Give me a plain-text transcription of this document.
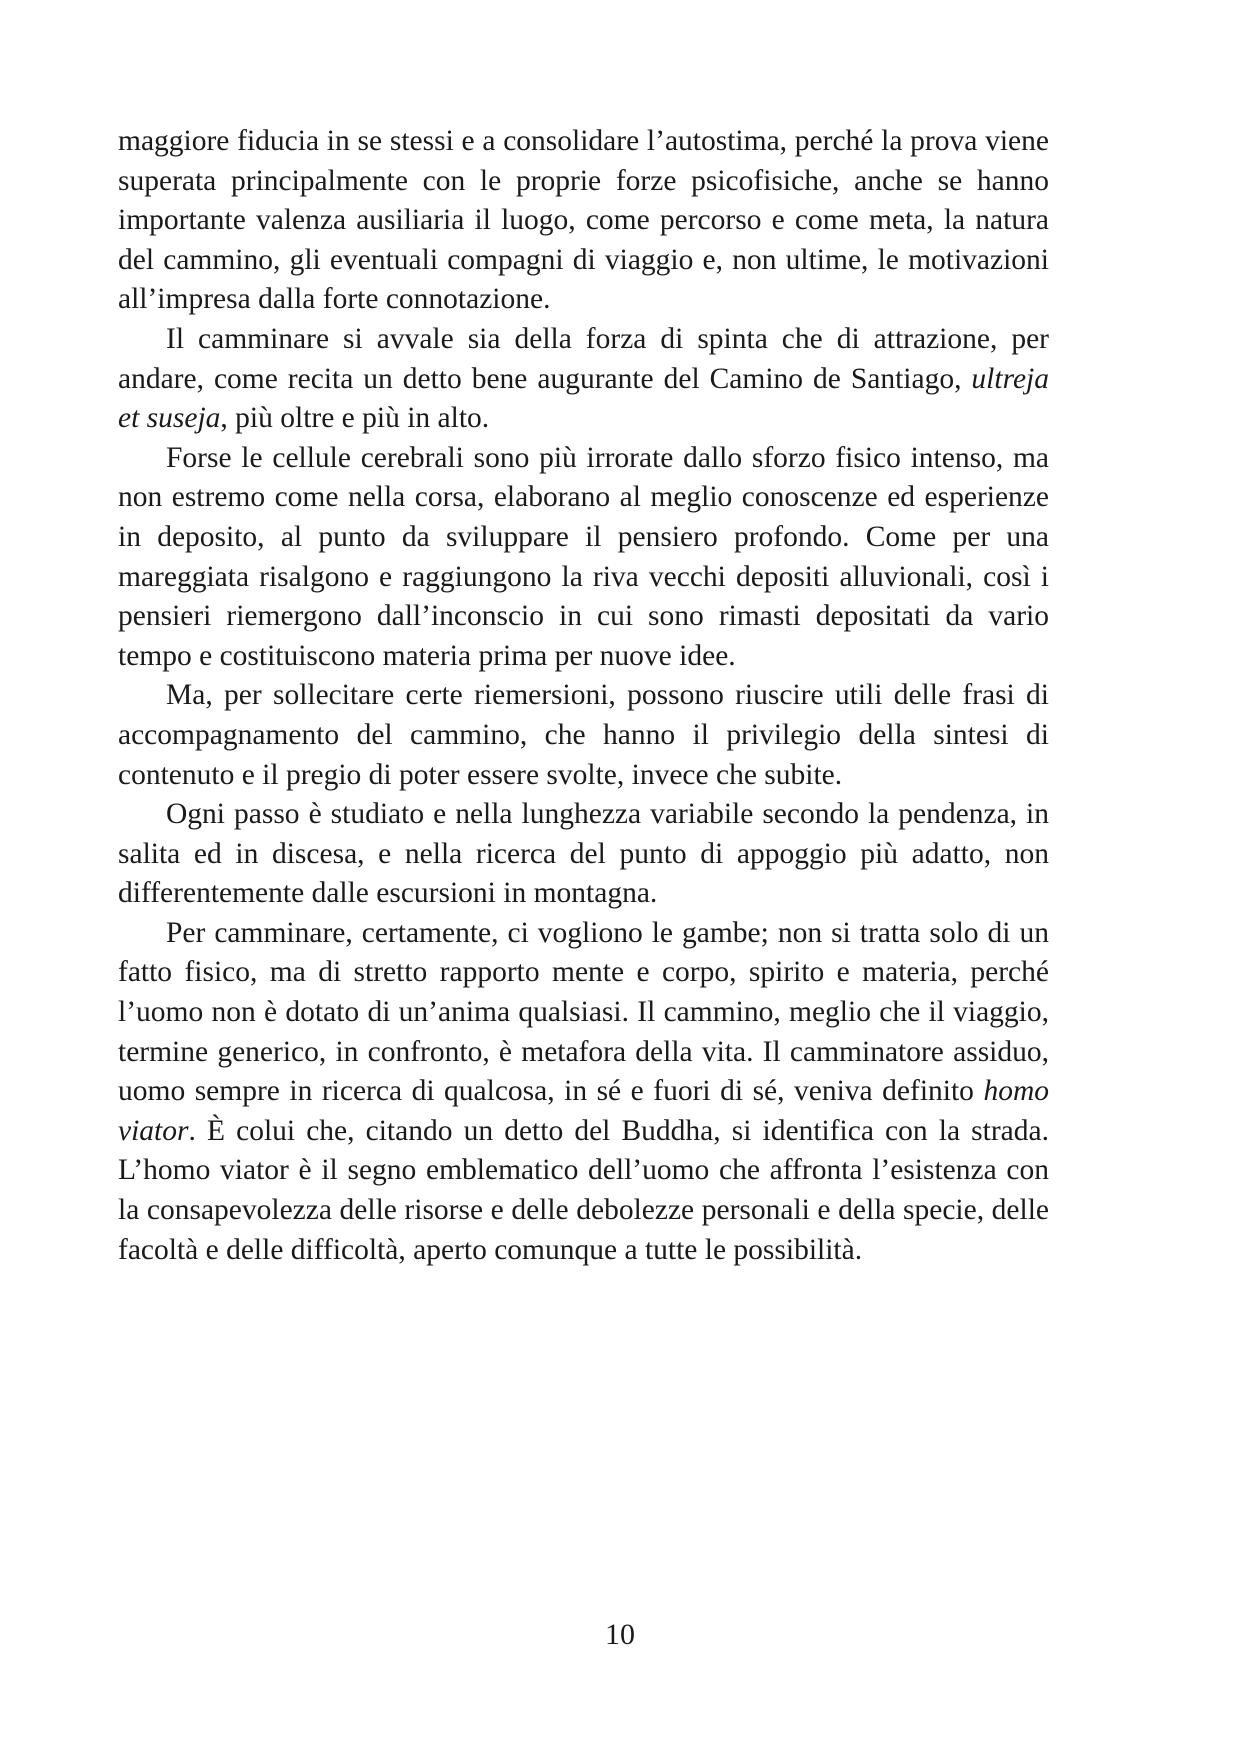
maggiore fiducia in se stessi e a consolidare l’autostima, perché la prova viene superata principalmente con le proprie forze psicofisiche, anche se hanno importante valenza ausiliaria il luogo, come percorso e come meta, la natura del cammino, gli eventuali compagni di viaggio e, non ultime, le motivazioni all’impresa dalla forte connotazione.

Il camminare si avvale sia della forza di spinta che di attrazione, per andare, come recita un detto bene augurante del Camino de Santiago, ultreja et suseja, più oltre e più in alto.

Forse le cellule cerebrali sono più irrorate dallo sforzo fisico intenso, ma non estremo come nella corsa, elaborano al meglio conoscenze ed esperienze in deposito, al punto da sviluppare il pensiero profondo. Come per una mareggiata risalgono e raggiungono la riva vecchi depositi alluvionali, così i pensieri riemergono dall’inconscio in cui sono rimasti depositati da vario tempo e costituiscono materia prima per nuove idee.

Ma, per sollecitare certe riemersioni, possono riuscire utili delle frasi di accompagnamento del cammino, che hanno il privilegio della sintesi di contenuto e il pregio di poter essere svolte, invece che subite.

Ogni passo è studiato e nella lunghezza variabile secondo la pendenza, in salita ed in discesa, e nella ricerca del punto di appoggio più adatto, non differentemente dalle escursioni in montagna.

Per camminare, certamente, ci vogliono le gambe; non si tratta solo di un fatto fisico, ma di stretto rapporto mente e corpo, spirito e materia, perché l’uomo non è dotato di un’anima qualsiasi. Il cammino, meglio che il viaggio, termine generico, in confronto, è metafora della vita. Il camminatore assiduo, uomo sempre in ricerca di qualcosa, in sé e fuori di sé, veniva definito homo viator. È colui che, citando un detto del Buddha, si identifica con la strada. L’homo viator è il segno emblematico dell’uomo che affronta l’esistenza con la consapevolezza delle risorse e delle debolezze personali e della specie, delle facoltà e delle difficoltà, aperto comunque a tutte le possibilità.

10
